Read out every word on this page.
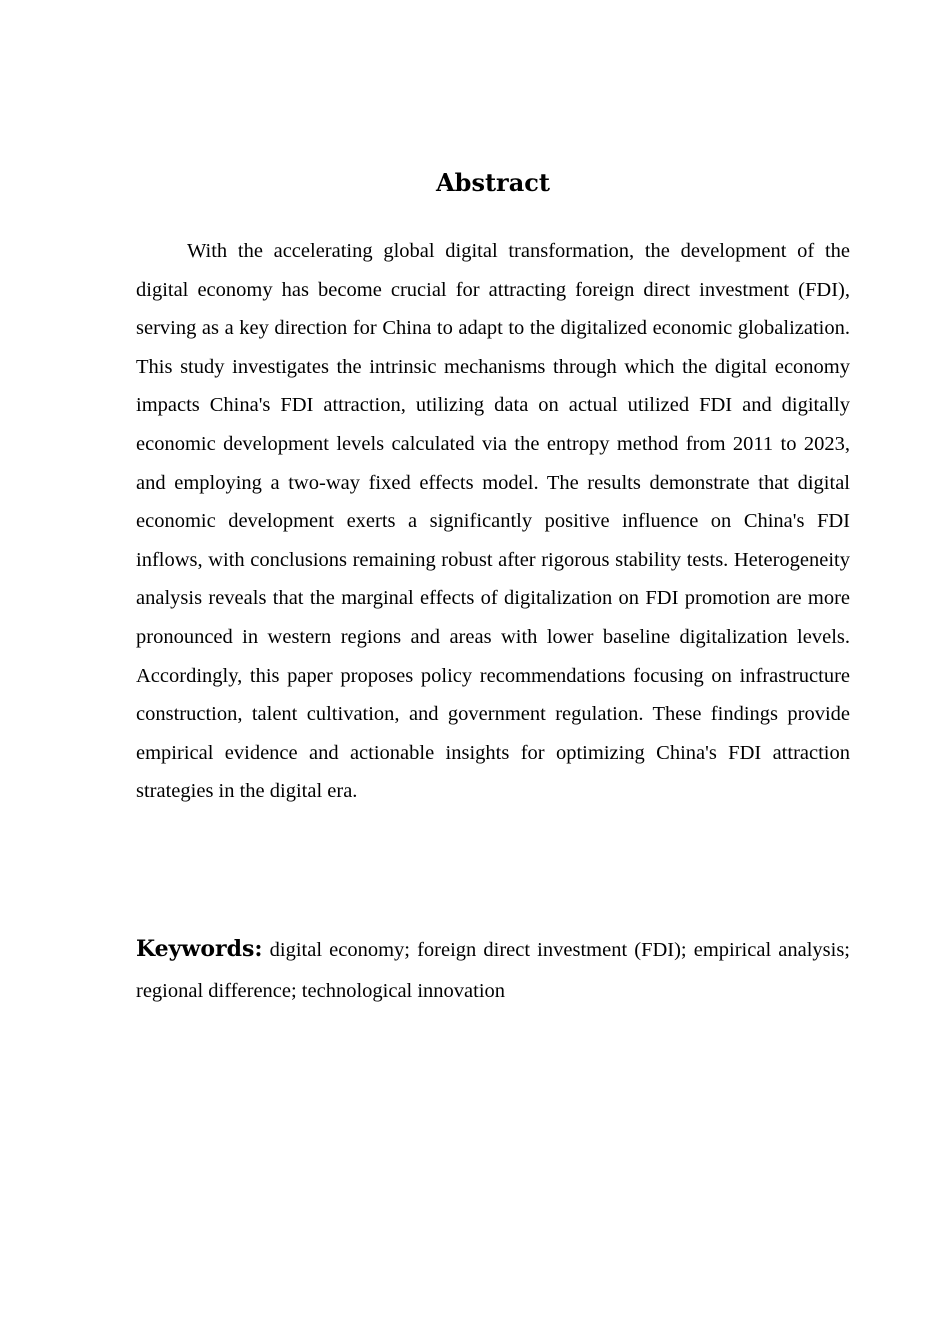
Abstract

With the accelerating global digital transformation, the development of the digital economy has become crucial for attracting foreign direct investment (FDI), serving as a key direction for China to adapt to the digitalized economic globalization. This study investigates the intrinsic mechanisms through which the digital economy impacts China's FDI attraction, utilizing data on actual utilized FDI and digitally economic development levels calculated via the entropy method from 2011 to 2023, and employing a two-way fixed effects model. The results demonstrate that digital economic development exerts a significantly positive influence on China's FDI inflows, with conclusions remaining robust after rigorous stability tests. Heterogeneity analysis reveals that the marginal effects of digitalization on FDI promotion are more pronounced in western regions and areas with lower baseline digitalization levels. Accordingly, this paper proposes policy recommendations focusing on infrastructure construction, talent cultivation, and government regulation. These findings provide empirical evidence and actionable insights for optimizing China's FDI attraction strategies in the digital era.

Keywords: digital economy; foreign direct investment (FDI); empirical analysis; regional difference; technological innovation
